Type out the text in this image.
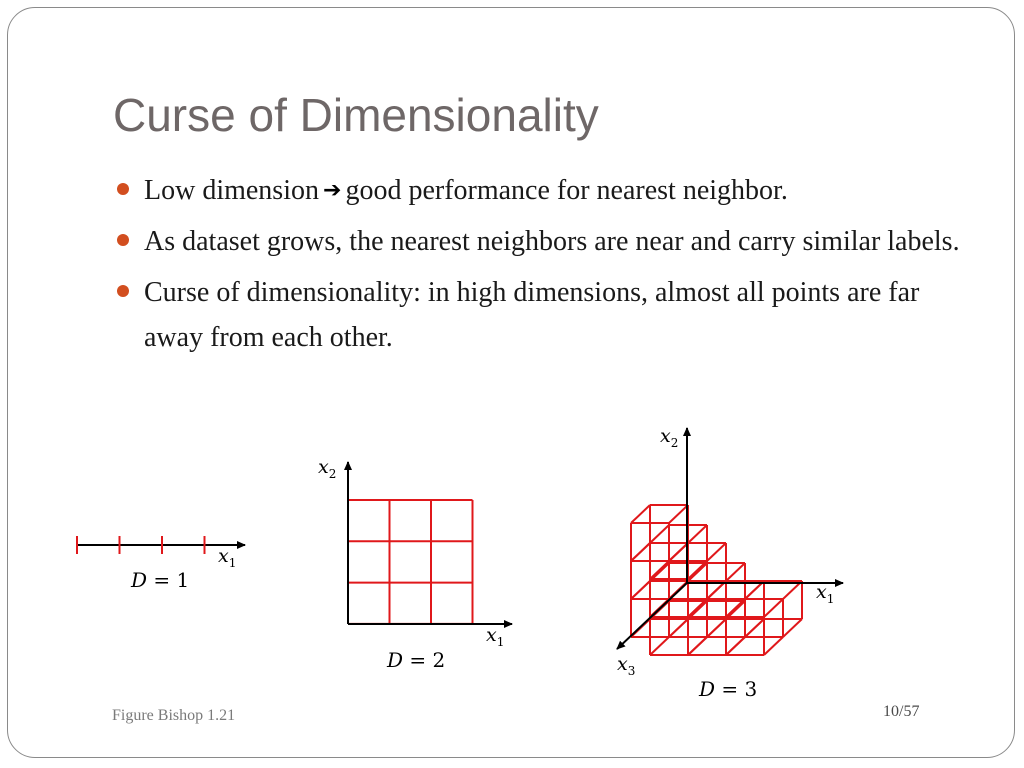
Curse of Dimensionality
Low dimension ➔ good performance for nearest neighbor.
As dataset grows, the nearest neighbors are near and carry similar labels.
Curse of dimensionality: in high dimensions, almost all points are far away from each other.
$x_1$
D = 1
$x_2$
$x_1$
D = 2
$x_2$
$x_1$
$x_3$
D = 3
Figure Bishop 1.21	10/57
